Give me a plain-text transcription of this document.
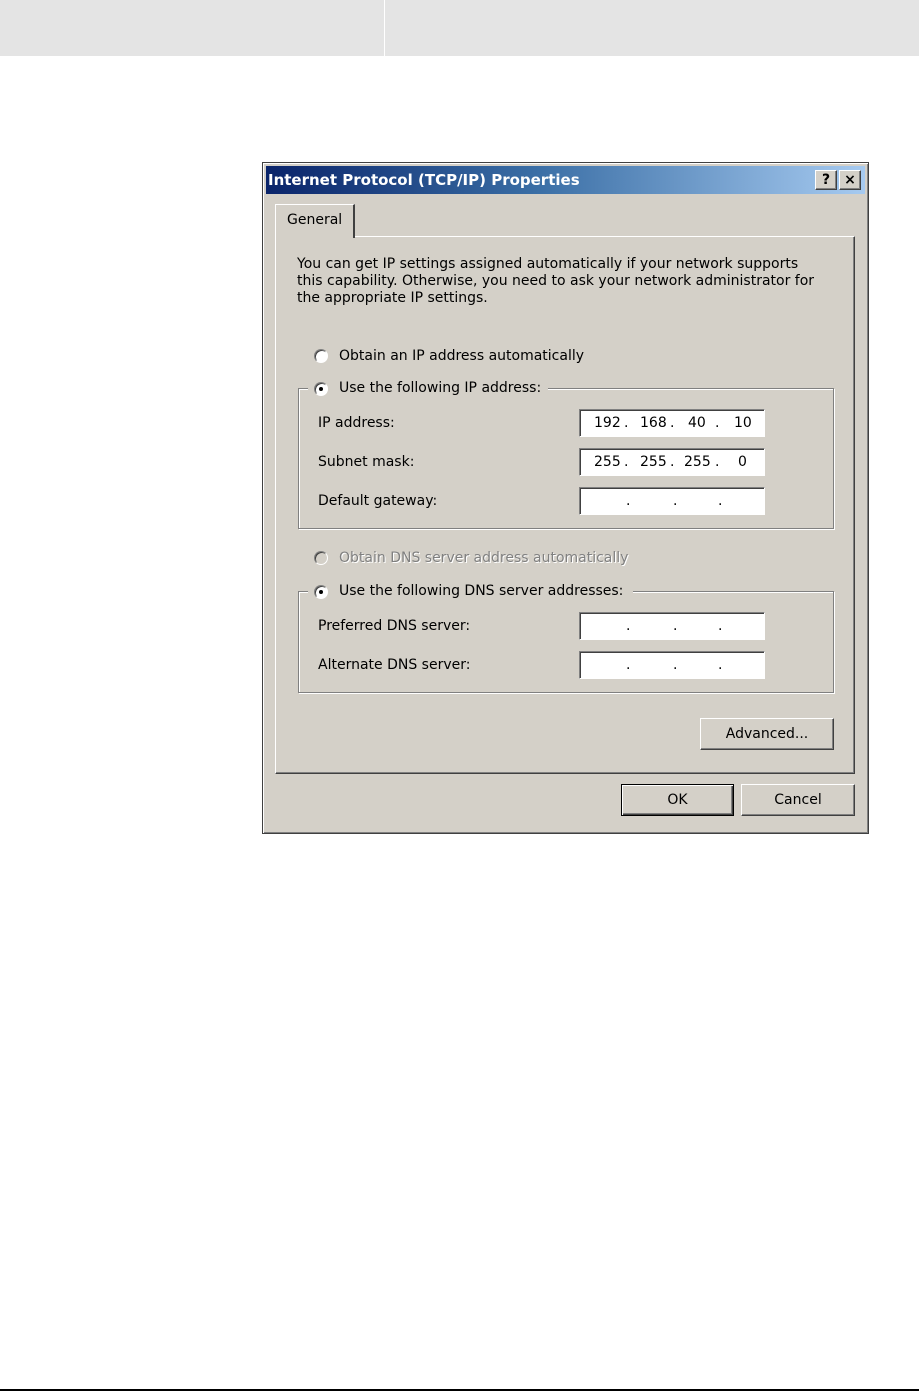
Internet Protocol (TCP/IP) Properties	?	×
General
You can get IP settings assigned automatically if your network supports this capability. Otherwise, you need to ask your network administrator for the appropriate IP settings.
Obtain an IP address automatically
Use the following IP address:
IP address:	192 . 168 . 40 . 10
Subnet mask:	255 . 255 . 255 . 0
Default gateway:	.	.	.
Obtain DNS server address automatically
Use the following DNS server addresses:
Preferred DNS server:	.	.	.
Alternate DNS server:	.	.	.
Advanced...
OK	Cancel
